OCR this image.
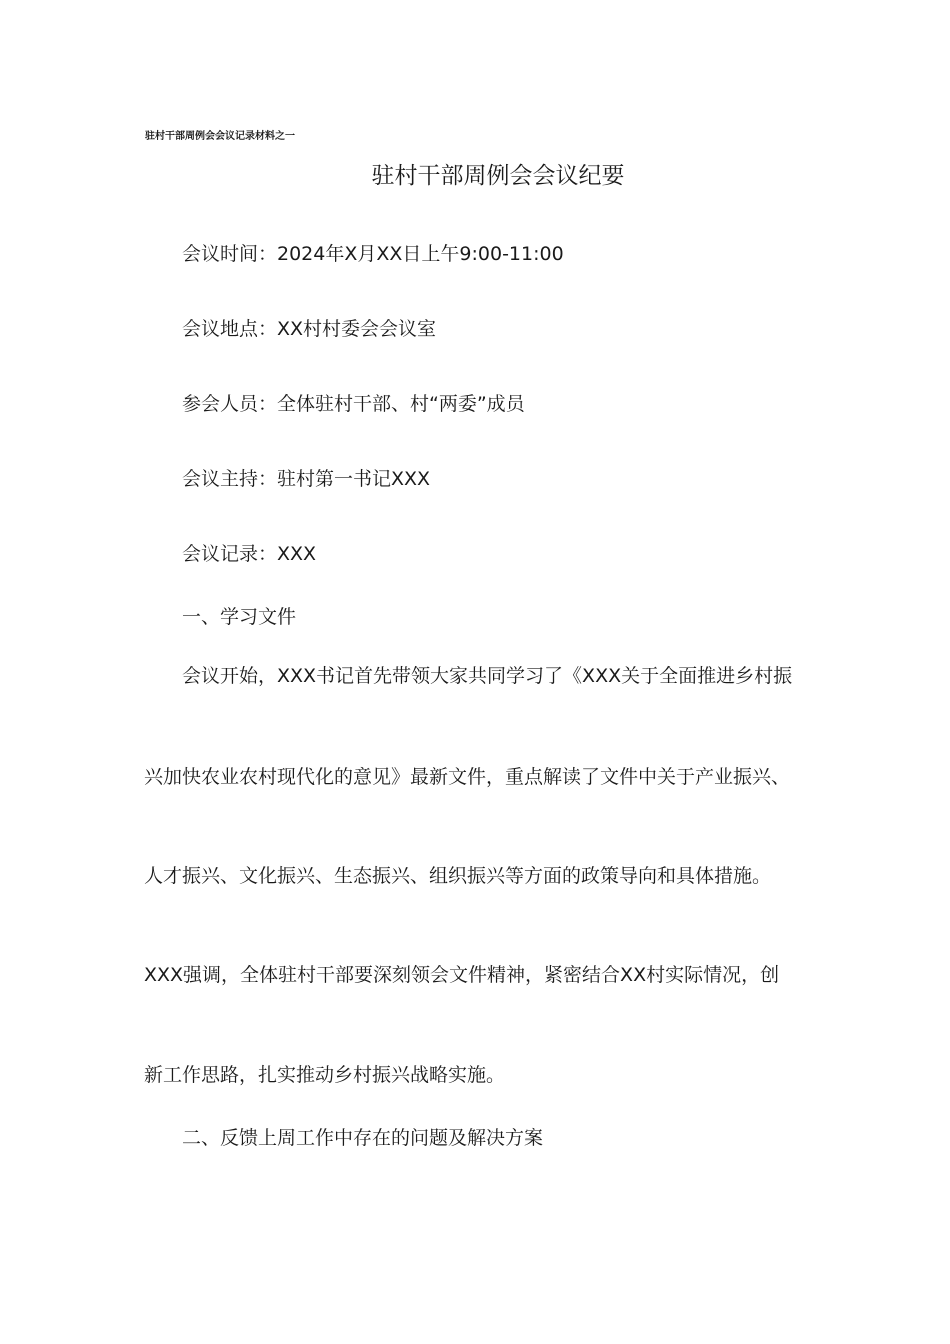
驻村干部周例会会议记录材料之一
驻村干部周例会会议纪要
会议时间：2024年X月XX日上午9:00-11:00
会议地点：XX村村委会会议室
参会人员：全体驻村干部、村“两委”成员
会议主持：驻村第一书记XXX
会议记录：XXX
一、学习文件
会议开始，XXX书记首先带领大家共同学习了《XXX关于全面推进乡村振
兴加快农业农村现代化的意见》最新文件，重点解读了文件中关于产业振兴、
人才振兴、文化振兴、生态振兴、组织振兴等方面的政策导向和具体措施。
XXX强调，全体驻村干部要深刻领会文件精神，紧密结合XX村实际情况，创
新工作思路，扎实推动乡村振兴战略实施。
二、反馈上周工作中存在的问题及解决方案
